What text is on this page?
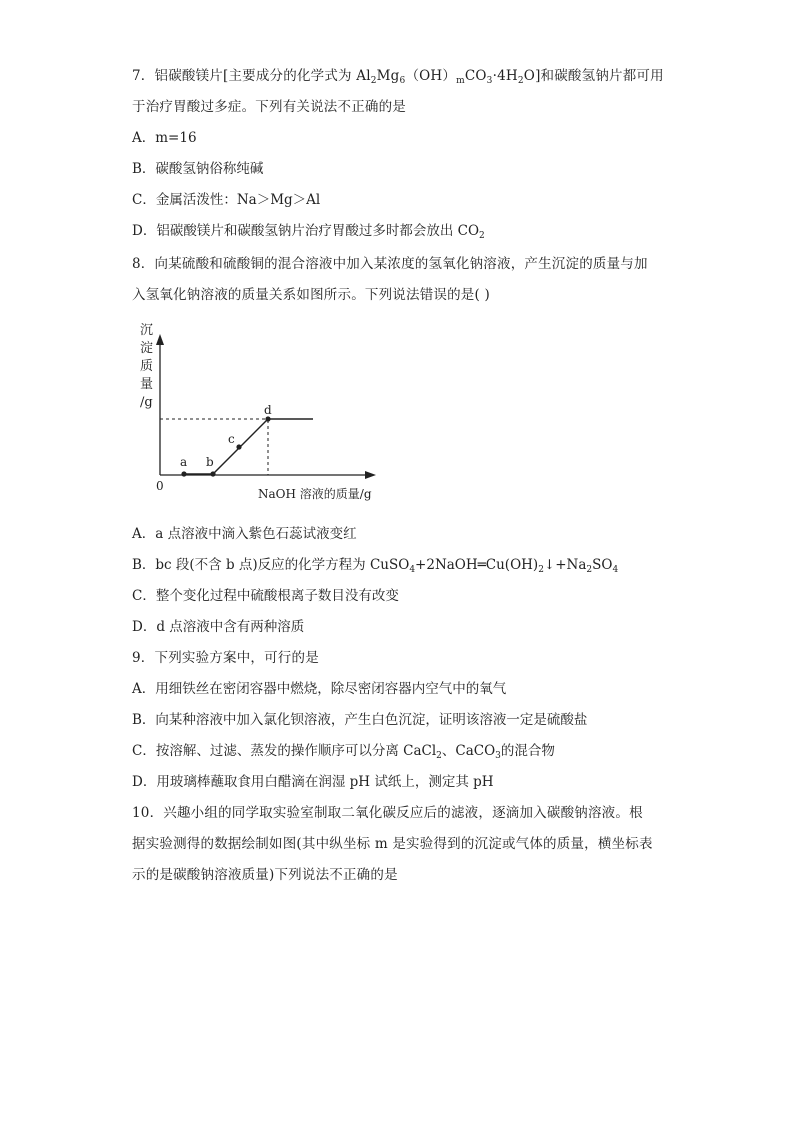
7．铝碳酸镁片[主要成分的化学式为 $Al_2Mg_6(OH)_mCO_3\cdot 4H_2O$]和碳酸氢钠片都可用
于治疗胃酸过多症。下列有关说法不正确的是
A．m=16
B．碳酸氢钠俗称纯碱
C．金属活泼性：Na＞Mg＞Al
D．铝碳酸镁片和碳酸氢钠片治疗胃酸过多时都会放出 $CO_2$
8．向某硫酸和硫酸铜的混合溶液中加入某浓度的氢氧化钠溶液，产生沉淀的质量与加
入氢氧化钠溶液的质量关系如图所示。下列说法错误的是( )
沉
淀
质
量
/g
0
a b
c
d
NaOH 溶液的质量/g
A．a 点溶液中滴入紫色石蕊试液变红
B．bc 段(不含 b 点)反应的化学方程为 $CuSO_4+2NaOH═Cu(OH)_2↓+Na_2SO_4$
C．整个变化过程中硫酸根离子数目没有改变
D．d 点溶液中含有两种溶质
9．下列实验方案中，可行的是
A．用细铁丝在密闭容器中燃烧，除尽密闭容器内空气中的氧气
B．向某种溶液中加入氯化钡溶液，产生白色沉淀，证明该溶液一定是硫酸盐
C．按溶解、过滤、蒸发的操作顺序可以分离 CaCl$_2$、CaCO$_3$的混合物
D．用玻璃棒蘸取食用白醋滴在润湿 pH 试纸上，测定其 pH
10．兴趣小组的同学取实验室制取二氧化碳反应后的滤液，逐滴加入碳酸钠溶液。根
据实验测得的数据绘制如图(其中纵坐标 m 是实验得到的沉淀或气体的质量，横坐标表
示的是碳酸钠溶液质量)下列说法不正确的是
